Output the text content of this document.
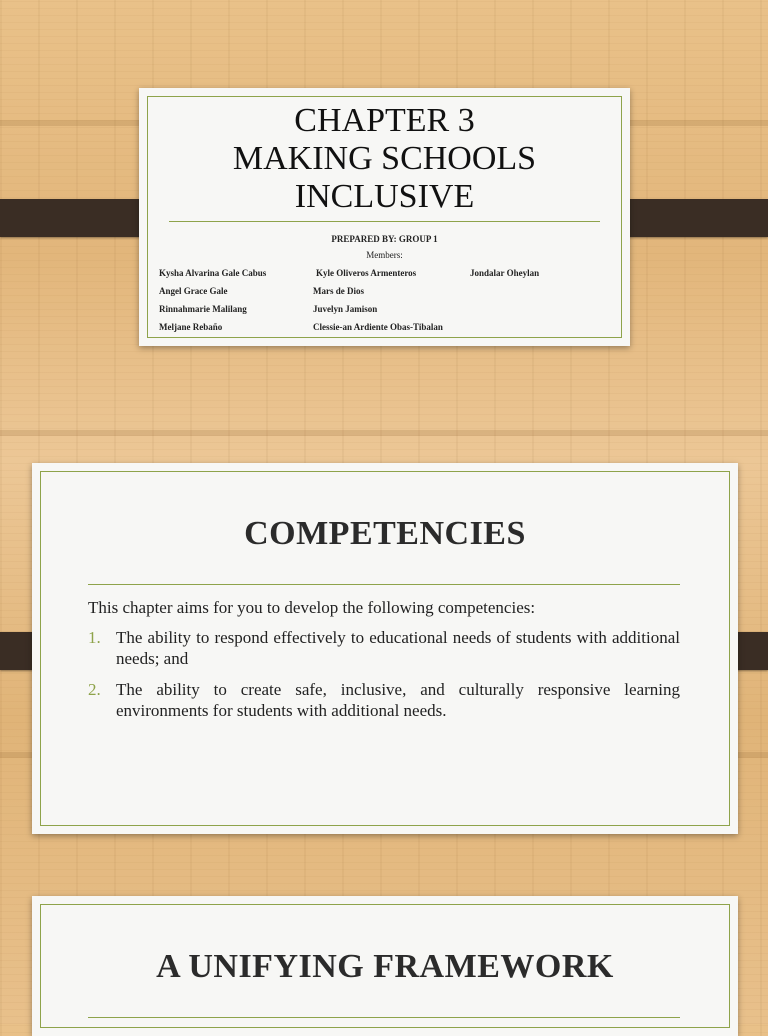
CHAPTER 3
MAKING SCHOOLS
INCLUSIVE
PREPARED BY: GROUP 1
Members:
Kysha Alvarina Gale Cabus	Kyle Oliveros Armenteros	Jondalar Oheylan
Angel Grace Gale	Mars de Dios
Rinnahmarie Malilang	Juvelyn Jamison
Meljane Rebaño	Clessie-an Ardiente Obas-Tibalan
COMPETENCIES
This chapter aims for you to develop the following competencies:
1. The ability to respond effectively to educational needs of students with additional needs; and
2. The ability to create safe, inclusive, and culturally responsive learning environments for students with additional needs.
A UNIFYING FRAMEWORK
